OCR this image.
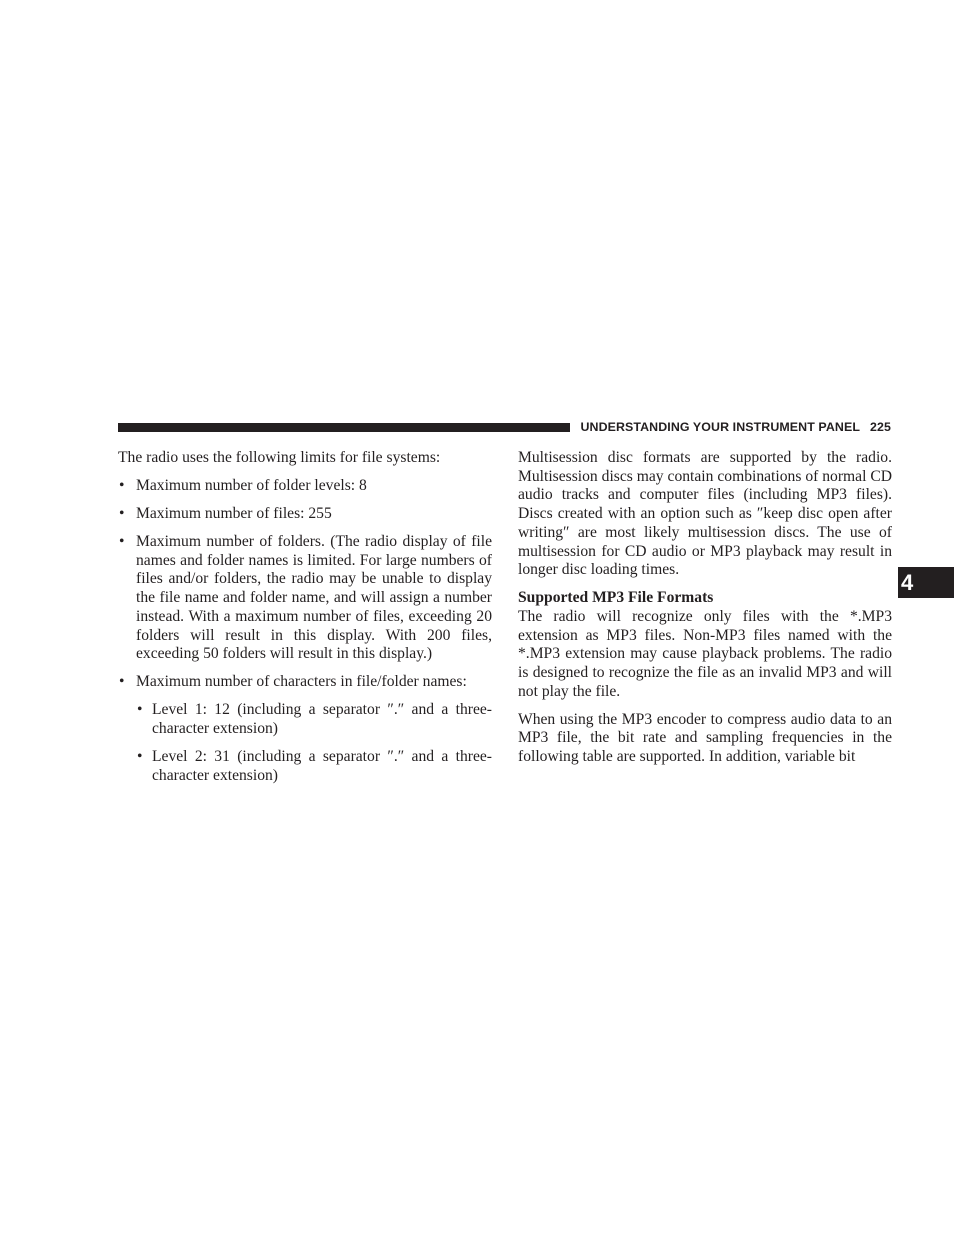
UNDERSTANDING YOUR INSTRUMENT PANEL 225
4

The radio uses the following limits for file systems:

• Maximum number of folder levels: 8
• Maximum number of files: 255
• Maximum number of folders. (The radio display of file names and folder names is limited. For large numbers of files and/or folders, the radio may be unable to display the file name and folder name, and will assign a number instead. With a maximum number of files, exceeding 20 folders will result in this display. With 200 files, exceeding 50 folders will result in this display.)
• Maximum number of characters in file/folder names:
• Level 1: 12 (including a separator ″.″ and a three-character extension)
• Level 2: 31 (including a separator ″.″ and a three-character extension)

Multisession disc formats are supported by the radio. Multisession discs may contain combinations of normal CD audio tracks and computer files (including MP3 files). Discs created with an option such as ″keep disc open after writing″ are most likely multisession discs. The use of multisession for CD audio or MP3 playback may result in longer disc loading times.

Supported MP3 File Formats

The radio will recognize only files with the *.MP3 extension as MP3 files. Non-MP3 files named with the *.MP3 extension may cause playback problems. The radio is designed to recognize the file as an invalid MP3 and will not play the file.

When using the MP3 encoder to compress audio data to an MP3 file, the bit rate and sampling frequencies in the following table are supported. In addition, variable bit
